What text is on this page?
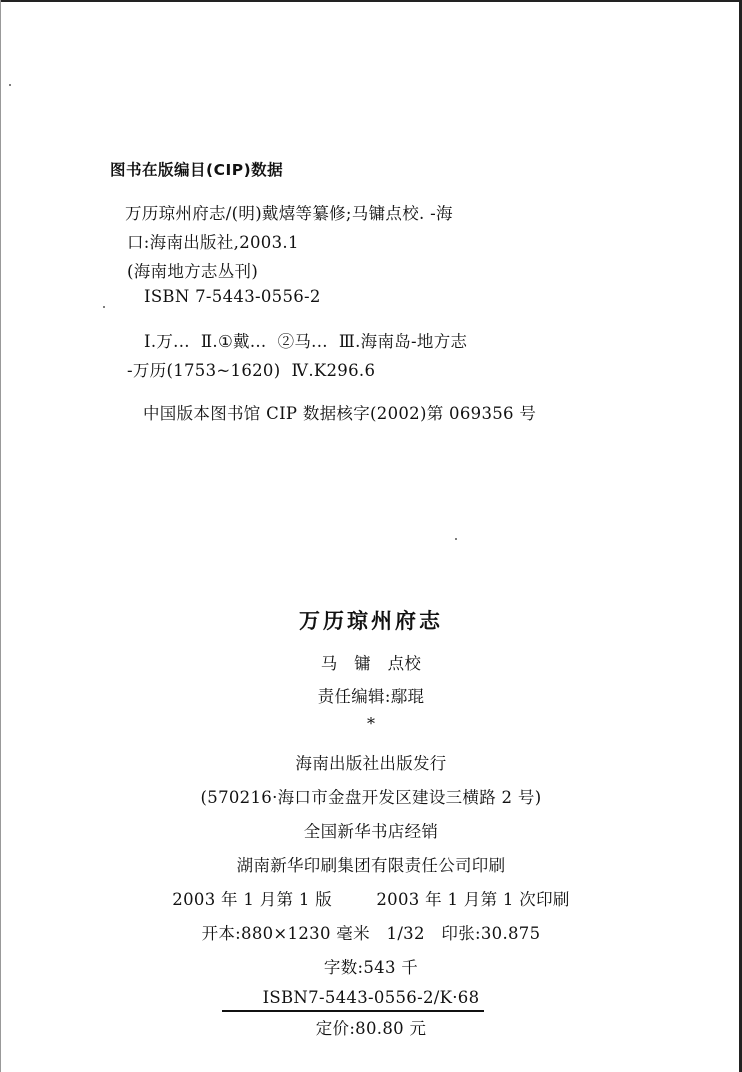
图书在版编目(CIP)数据
万历琼州府志/(明)戴熺等纂修;马镛点校. -海
口:海南出版社,2003.1
(海南地方志丛刊)
ISBN 7-5443-0556-2
Ⅰ.万...  Ⅱ.①戴...  ②马...  Ⅲ.海南岛-地方志
-万历(1753~1620)  Ⅳ.K296.6
中国版本图书馆 CIP 数据核字(2002)第 069356 号
万历琼州府志
马   镛   点校
责任编辑:鄢琨
*
海南出版社出版发行
(570216·海口市金盘开发区建设三横路 2 号)
全国新华书店经销
湖南新华印刷集团有限责任公司印刷
2003 年 1 月第 1 版        2003 年 1 月第 1 次印刷
开本:880×1230 毫米   1/32   印张:30.875
字数:543 千
ISBN7-5443-0556-2/K·68
定价:80.80 元
